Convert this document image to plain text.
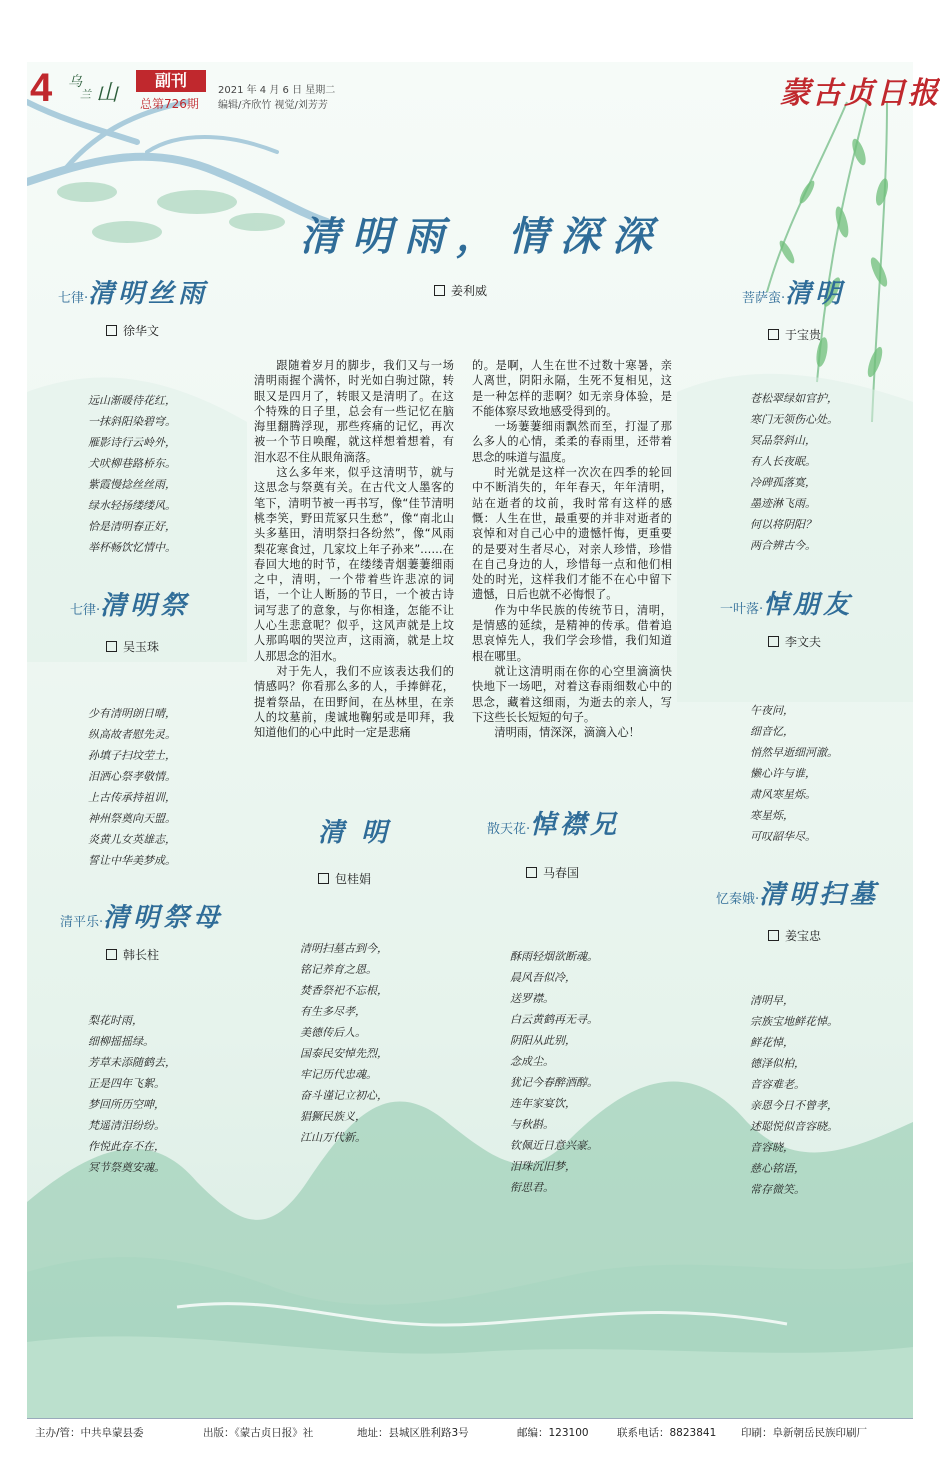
4 乌
兰 山
副刊
总第726期
2021 年 4 月 6 日 星期二
编辑/齐欣竹 视觉/刘芳芳	蒙古贞日报
清明雨，情深深
姜利威

跟随着岁月的脚步，我们又与一场清明雨握个满怀，时光如白驹过隙，转眼又是四月了，转眼又是清明了。在这个特殊的日子里，总会有一些记忆在脑海里翻腾浮现，那些疼痛的记忆，再次被一个节日唤醒，就这样想着想着，有泪水忍不住从眼角滴落。

这么多年来，似乎这清明节，就与这思念与祭奠有关。在古代文人墨客的笔下，清明节被一再书写，像“佳节清明桃李笑，野田荒冢只生愁”，像“南北山头多墓田，清明祭扫各纷然”，像“风雨梨花寒食过，几家坟上年子孙来”……在春回大地的时节，在缕缕青烟萋萋细雨之中，清明，一个带着些许悲凉的词语，一个让人断肠的节日，一个被古诗词写悲了的意象，与你相逢，怎能不让人心生悲意呢？似乎，这风声就是上坟人那呜咽的哭泣声，这雨滴，就是上坟人那思念的泪水。

对于先人，我们不应该表达我们的情感吗？你看那么多的人，手捧鲜花，提着祭品，在田野间，在丛林里，在亲人的坟墓前，虔诚地鞠躬或是叩拜，我知道他们的心中此时一定是悲痛

的。是啊，人生在世不过数十寒暑，亲人离世，阴阳永隔，生死不复相见，这是一种怎样的悲啊？如无亲身体验，是不能体察尽致地感受得到的。

一场萋萋细雨飘然而至，打湿了那么多人的心情，柔柔的春雨里，还带着思念的味道与温度。

时光就是这样一次次在四季的轮回中不断消失的，年年春天，年年清明，站在逝者的坟前，我时常有这样的感慨：人生在世，最重要的并非对逝者的哀悼和对自己心中的遗憾忏悔，更重要的是要对生者尽心，对亲人珍惜，珍惜在自己身边的人，珍惜每一点和他们相处的时光，这样我们才能不在心中留下遗憾，日后也就不必悔恨了。

作为中华民族的传统节日，清明，是情感的延续，是精神的传承。借着追思哀悼先人，我们学会珍惜，我们知道根在哪里。

就让这清明雨在你的心空里滴滴快快地下一场吧，对着这春雨细数心中的思念，藏着这细雨，为逝去的亲人，写下这些长长短短的句子。

清明雨，情深深，滴滴入心！

七律·清明丝雨
徐华文
远山渐暖待花红，
一抹斜阳染碧穹。
雁影诗行云岭外，
犬吠柳巷路桥东。
紫霞慢捻丝丝雨，
绿水轻扬缕缕风。
恰是清明春正好，
举杯畅饮忆情中。
七律·清明祭
吴玉珠
少有清明朗日晴，
纵高故者慰先灵。
孙填子扫坟茔土，
泪洒心祭孝敬情。
上古传承持祖训，
神州祭奠向天盟。
炎黄儿女英雄志，
誓让中华美梦成。
清平乐·清明祭母
韩长柱
梨花时雨，
细柳摇摇绿。
芳草未添随鹤去，
正是四年飞絮。
梦回所历空呻，
梵遥清泪纷纷。
作悦此存不在，
冥节祭奠安魂。
清 明
包桂娟
清明扫墓古到今，
铭记养育之恩。
焚香祭祀不忘根，
有生多尽孝，
美德传后人。
国泰民安悼先烈，
牢记历代忠魂。
奋斗谨记立初心，
猖獗民族义，
江山万代新。
散天花·悼襟兄
马春国
酥雨轻烟欲断魂。
晨风吾似冷，
送罗襟。
白云黄鹤再无寻。
阴阳从此别，
念成尘。
犹记今春醉酒醇。
连年家宴饮，
与秋斟。
钦佩近日意兴豪。
泪珠沉旧梦，
衔思君。
菩萨蛮·清明
于宝贵
苍松翠绿如官护，
寒门无领伤心处。
冥品祭斜山，
有人长夜眠。
冷碑孤落寞，
墨迹淋飞雨。
何以将阴阳？
两合辨古今。
一叶落·悼朋友
李文夫
午夜问，
细音忆，
悄然早逝细河澈。
懒心许与谁，
肃风寒星烁。
寒星烁，
可叹韶华尽。
忆秦娥·清明扫墓
姜宝忠
清明早，
宗族宝地鲜花悼。
鲜花悼，
德泽似柏，
音容难老。
亲恩今日不曾孝，
述聪悦似音容晓。
音容晓，
慈心铭语，
常存微笑。
主办/管：中共阜蒙县委	出版：《蒙古贞日报》社	地址：县城区胜利路3号	邮编：123100	联系电话：8823841 印刷：阜新朝岳民族印刷厂
